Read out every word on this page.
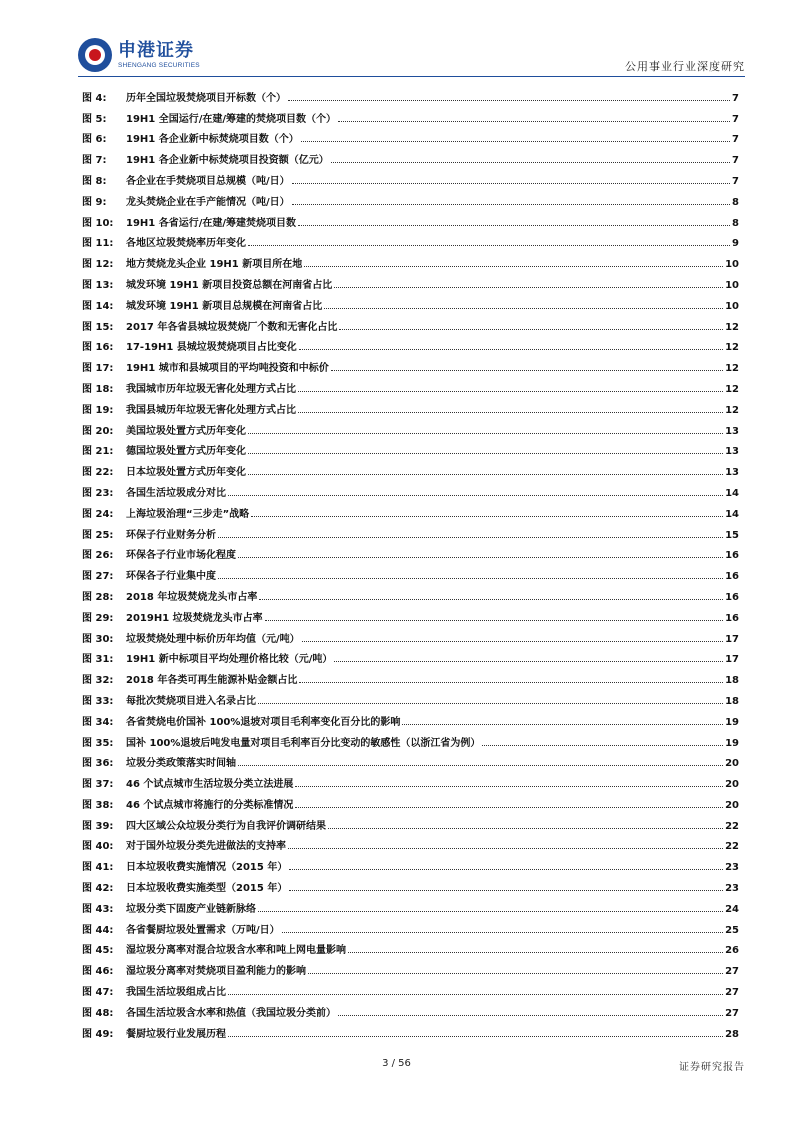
申港证券
SHENGANG SECURITIES	公用事业行业深度研究
图 4:	历年全国垃圾焚烧项目开标数（个）	7
图 5:	19H1 全国运行/在建/筹建的焚烧项目数（个）	7
图 6:	19H1 各企业新中标焚烧项目数（个）	7
图 7:	19H1 各企业新中标焚烧项目投资额（亿元）	7
图 8:	各企业在手焚烧项目总规模（吨/日）	7
图 9:	龙头焚烧企业在手产能情况（吨/日）	8
图 10:	19H1 各省运行/在建/筹建焚烧项目数	8
图 11:	各地区垃圾焚烧率历年变化	9
图 12:	地方焚烧龙头企业 19H1 新项目所在地	10
图 13:	城发环境 19H1 新项目投资总额在河南省占比	10
图 14:	城发环境 19H1 新项目总规模在河南省占比	10
图 15:	2017 年各省县城垃圾焚烧厂个数和无害化占比	12
图 16:	17-19H1 县城垃圾焚烧项目占比变化	12
图 17:	19H1 城市和县城项目的平均吨投资和中标价	12
图 18:	我国城市历年垃圾无害化处理方式占比	12
图 19:	我国县城历年垃圾无害化处理方式占比	12
图 20:	美国垃圾处置方式历年变化	13
图 21:	德国垃圾处置方式历年变化	13
图 22:	日本垃圾处置方式历年变化	13
图 23:	各国生活垃圾成分对比	14
图 24:	上海垃圾治理“三步走”战略	14
图 25:	环保子行业财务分析	15
图 26:	环保各子行业市场化程度	16
图 27:	环保各子行业集中度	16
图 28:	2018 年垃圾焚烧龙头市占率	16
图 29:	2019H1 垃圾焚烧龙头市占率	16
图 30:	垃圾焚烧处理中标价历年均值（元/吨）	17
图 31:	19H1 新中标项目平均处理价格比较（元/吨）	17
图 32:	2018 年各类可再生能源补贴金额占比	18
图 33:	每批次焚烧项目进入名录占比	18
图 34:	各省焚烧电价国补 100%退坡对项目毛利率变化百分比的影响	19
图 35:	国补 100%退坡后吨发电量对项目毛利率百分比变动的敏感性（以浙江省为例）	19
图 36:	垃圾分类政策落实时间轴	20
图 37:	46 个试点城市生活垃圾分类立法进展	20
图 38:	46 个试点城市将施行的分类标准情况	20
图 39:	四大区域公众垃圾分类行为自我评价调研结果	22
图 40:	对于国外垃圾分类先进做法的支持率	22
图 41:	日本垃圾收费实施情况（2015 年）	23
图 42:	日本垃圾收费实施类型（2015 年）	23
图 43:	垃圾分类下固废产业链新脉络	24
图 44:	各省餐厨垃圾处置需求（万吨/日）	25
图 45:	湿垃圾分离率对混合垃圾含水率和吨上网电量影响	26
图 46:	湿垃圾分离率对焚烧项目盈利能力的影响	27
图 47:	我国生活垃圾组成占比	27
图 48:	各国生活垃圾含水率和热值（我国垃圾分类前）	27
图 49:	餐厨垃圾行业发展历程	28
3 / 56	证券研究报告
